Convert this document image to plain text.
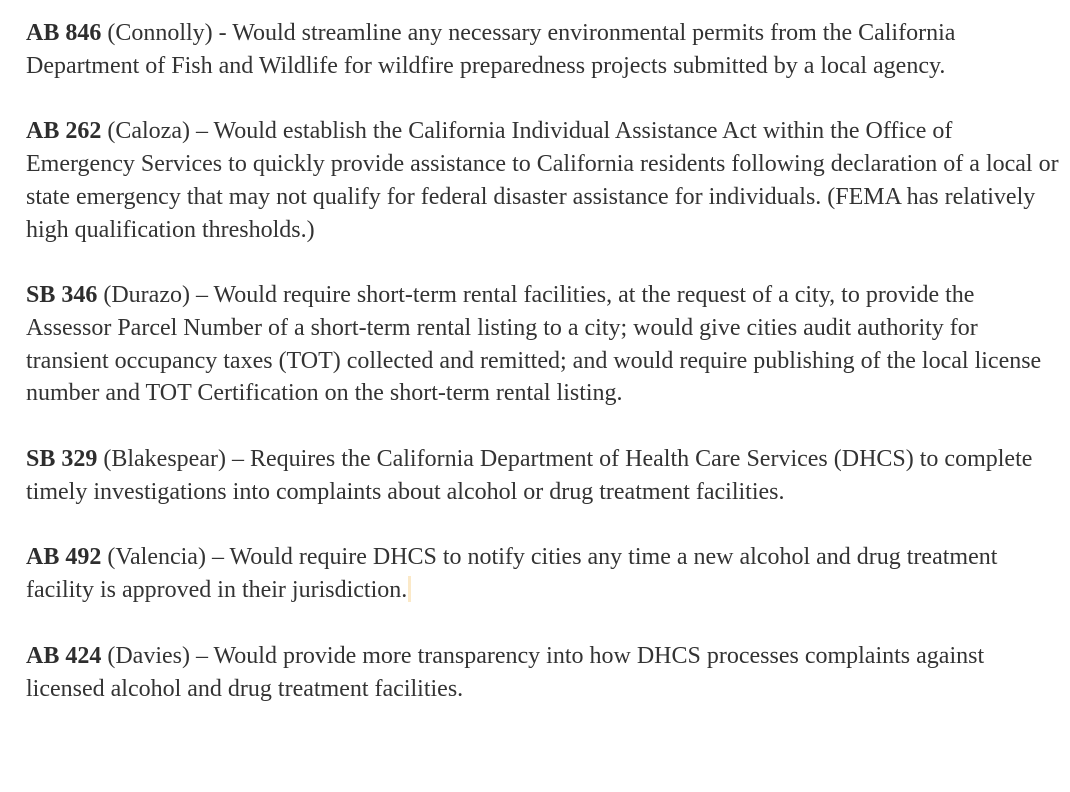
AB 846 (Connolly) - Would streamline any necessary environmental permits from the California Department of Fish and Wildlife for wildfire preparedness projects submitted by a local agency.

AB 262 (Caloza) – Would establish the California Individual Assistance Act within the Office of Emergency Services to quickly provide assistance to California residents following declaration of a local or state emergency that may not qualify for federal disaster assistance for individuals. (FEMA has relatively high qualification thresholds.)

SB 346 (Durazo) – Would require short-term rental facilities, at the request of a city, to provide the Assessor Parcel Number of a short-term rental listing to a city; would give cities audit authority for transient occupancy taxes (TOT) collected and remitted; and would require publishing of the local license number and TOT Certification on the short-term rental listing.

SB 329 (Blakespear) – Requires the California Department of Health Care Services (DHCS) to complete timely investigations into complaints about alcohol or drug treatment facilities.

AB 492 (Valencia) – Would require DHCS to notify cities any time a new alcohol and drug treatment facility is approved in their jurisdiction.

AB 424 (Davies) – Would provide more transparency into how DHCS processes complaints against licensed alcohol and drug treatment facilities.
